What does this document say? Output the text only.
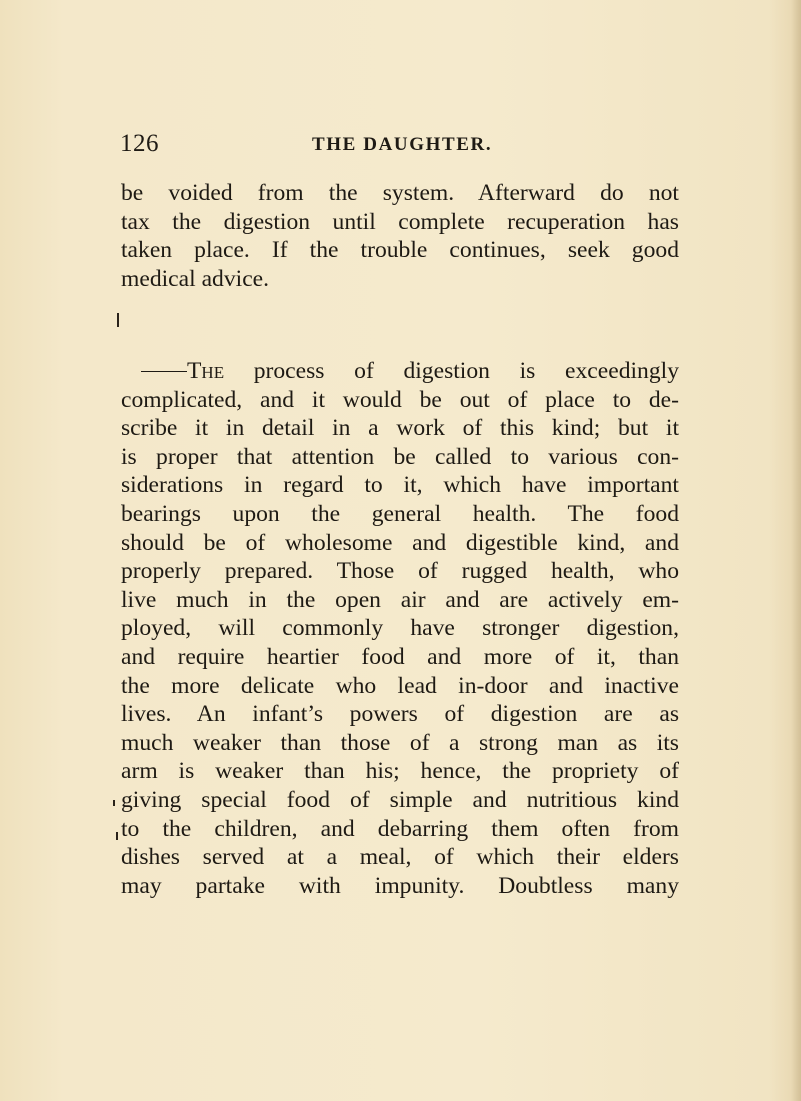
126	THE DAUGHTER.
be voided from the system. Afterward do not
tax the digestion until complete recuperation has
taken place. If the trouble continues, seek good
medical advice.
The process of digestion is exceedingly
complicated, and it would be out of place to de-
scribe it in detail in a work of this kind; but it
is proper that attention be called to various con-
siderations in regard to it, which have important
bearings upon the general health. The food
should be of wholesome and digestible kind, and
properly prepared. Those of rugged health, who
live much in the open air and are actively em-
ployed, will commonly have stronger digestion,
and require heartier food and more of it, than
the more delicate who lead in-door and inactive
lives. An infant’s powers of digestion are as
much weaker than those of a strong man as its
arm is weaker than his; hence, the propriety of
giving special food of simple and nutritious kind
to the children, and debarring them often from
dishes served at a meal, of which their elders
may partake with impunity. Doubtless many
